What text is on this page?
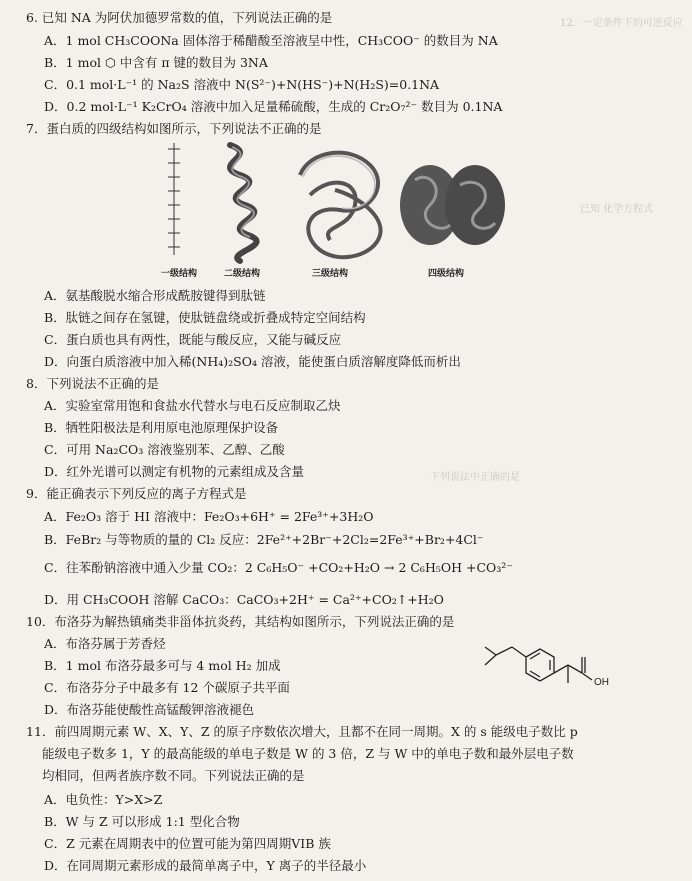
12．一定条件下的可逆反应
已知 化学方程式
下列说法中正确的是
6. 已知 NA 为阿伏加德罗常数的值，下列说法正确的是
A．1 mol CH₃COONa 固体溶于稀醋酸至溶液呈中性，CH₃COO⁻ 的数目为 NA
B．1 mol ⬡ 中含有 π 键的数目为 3NA
C．0.1 mol·L⁻¹ 的 Na₂S 溶液中 N(S²⁻)+N(HS⁻)+N(H₂S)=0.1NA
D．0.2 mol·L⁻¹ K₂CrO₄ 溶液中加入足量稀硫酸，生成的 Cr₂O₇²⁻ 数目为 0.1NA
7．蛋白质的四级结构如图所示，下列说法不正确的是
一级结构	二级结构	三级结构	四级结构
A．氨基酸脱水缩合形成酰胺键得到肽链
B．肽链之间存在氢键，使肽链盘绕或折叠成特定空间结构
C．蛋白质也具有两性，既能与酸反应，又能与碱反应
D．向蛋白质溶液中加入稀(NH₄)₂SO₄ 溶液，能使蛋白质溶解度降低而析出
8．下列说法不正确的是
A．实验室常用饱和食盐水代替水与电石反应制取乙炔
B．牺牲阳极法是利用原电池原理保护设备
C．可用 Na₂CO₃ 溶液鉴别苯、乙醇、乙酸
D．红外光谱可以测定有机物的元素组成及含量
9．能正确表示下列反应的离子方程式是
A．Fe₂O₃ 溶于 HI 溶液中：Fe₂O₃+6H⁺ = 2Fe³⁺+3H₂O
B．FeBr₂ 与等物质的量的 Cl₂ 反应：2Fe²⁺+2Br⁻+2Cl₂=2Fe³⁺+Br₂+4Cl⁻
C．往苯酚钠溶液中通入少量 CO₂：2 C₆H₅O⁻ +CO₂+H₂O → 2 C₆H₅OH +CO₃²⁻
D．用 CH₃COOH 溶解 CaCO₃：CaCO₃+2H⁺ = Ca²⁺+CO₂↑+H₂O
10．布洛芬为解热镇痛类非甾体抗炎药，其结构如图所示，下列说法正确的是
A．布洛芬属于芳香烃
B．1 mol 布洛芬最多可与 4 mol H₂ 加成
C．布洛芬分子中最多有 12 个碳原子共平面
D．布洛芬能使酸性高锰酸钾溶液褪色
OH
11．前四周期元素 W、X、Y、Z 的原子序数依次增大，且都不在同一周期。X 的 s 能级电子数比 p
能级电子数多 1，Y 的最高能级的单电子数是 W 的 3 倍，Z 与 W 中的单电子数和最外层电子数
均相同，但两者族序数不同。下列说法正确的是
A．电负性：Y>X>Z
B．W 与 Z 可以形成 1:1 型化合物
C．Z 元素在周期表中的位置可能为第四周期VIB 族
D．在同周期元素形成的最简单离子中，Y 离子的半径最小
